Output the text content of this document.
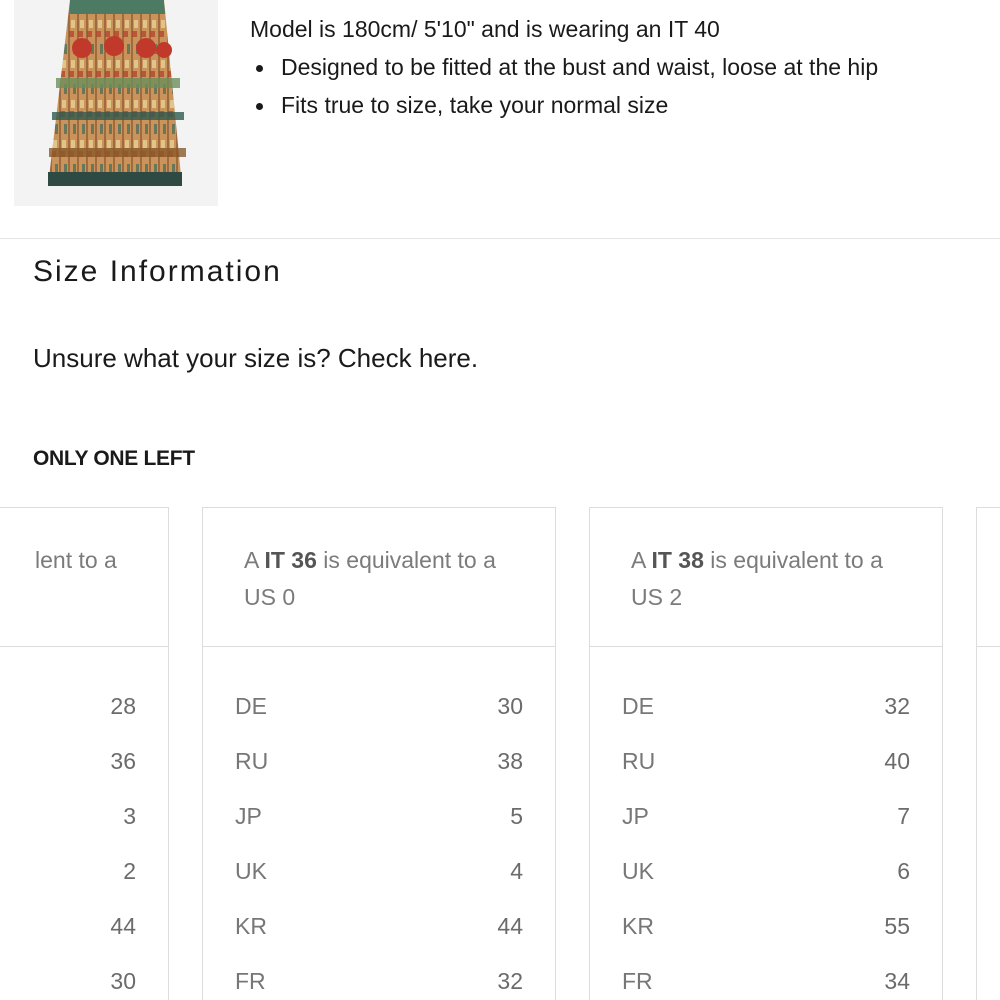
Model is 180cm/ 5'10" and is wearing an IT 40

Designed to be fitted at the bust and waist, loose at the hip
Fits true to size, take your normal size
Size Information
Unsure what your size is? Check here.
ONLY ONE LEFT
lent to a

28
36
3
2
44
30
A IT 36 is equivalent to a
US 0
DE	30
RU	38
JP	5
UK	4
KR	44
FR	32
A IT 38 is equivalent to a
US 2
DE	32
RU	40
JP	7
UK	6
KR	55
FR	34
